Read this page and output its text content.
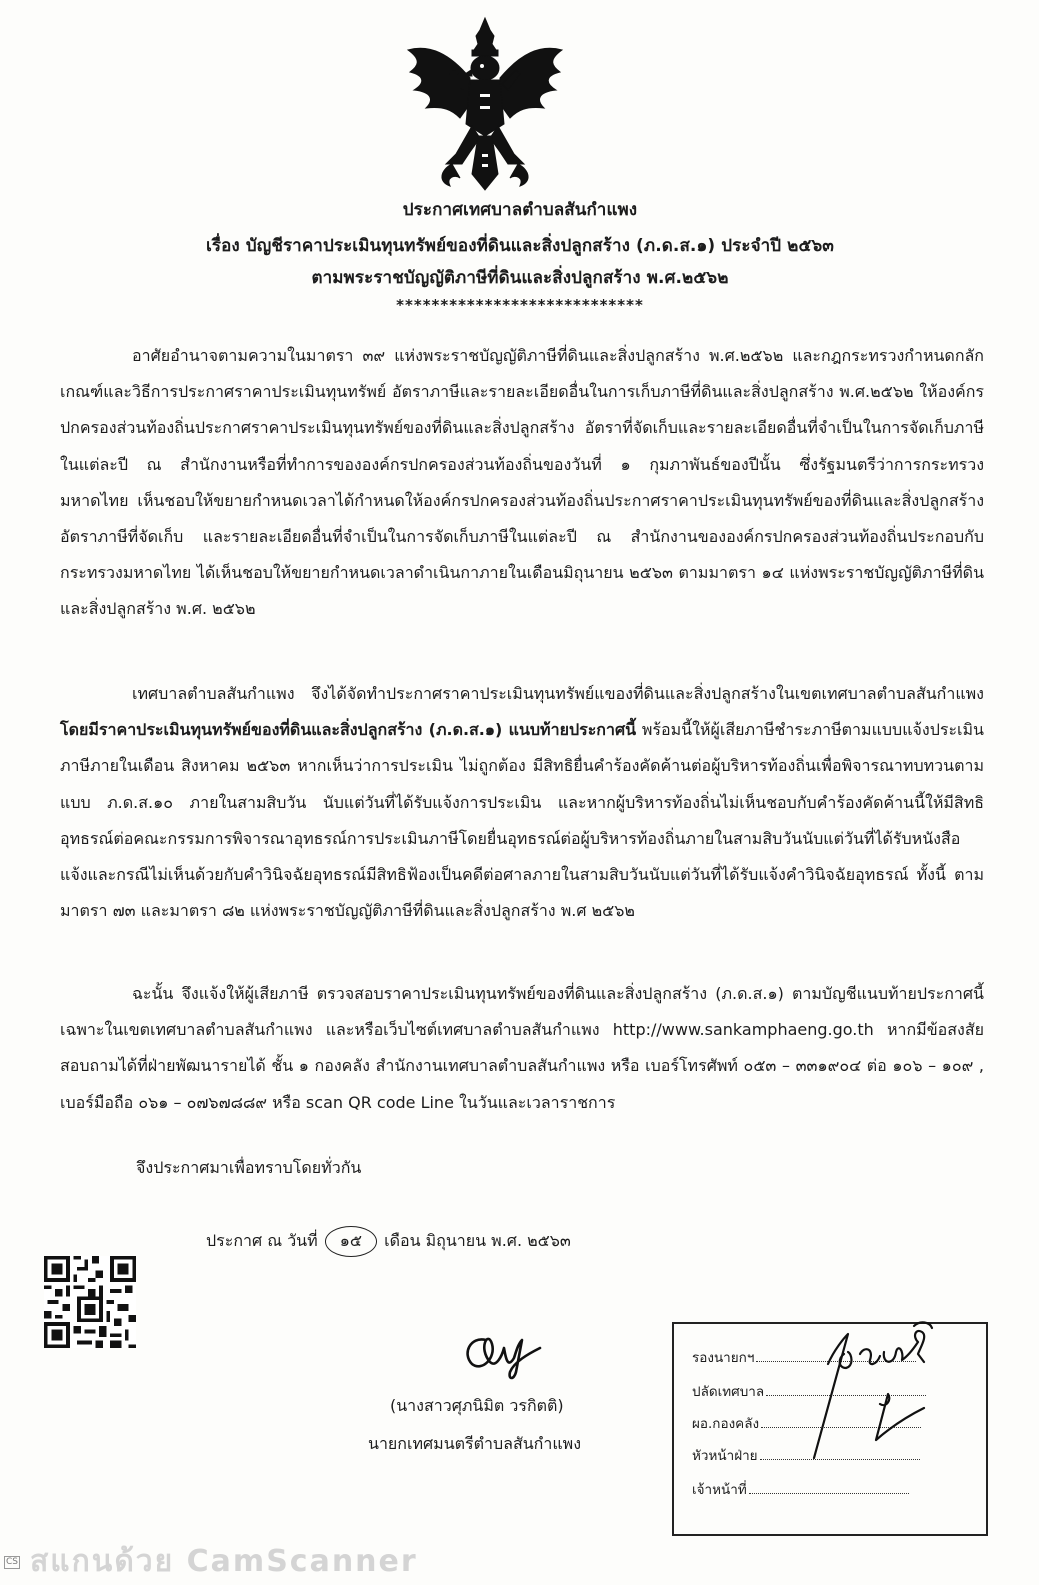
ประกาศเทศบาลตำบลสันกำแพง
เรื่อง บัญชีราคาประเมินทุนทรัพย์ของที่ดินและสิ่งปลูกสร้าง (ภ.ด.ส.๑) ประจำปี ๒๕๖๓
ตามพระราชบัญญัติภาษีที่ดินและสิ่งปลูกสร้าง พ.ศ.๒๕๖๒
****************************
อาศัยอำนาจตามความในมาตรา ๓๙ แห่งพระราชบัญญัติภาษีที่ดินและสิ่งปลูกสร้าง พ.ศ.๒๕๖๒ และกฎกระทรวงกำหนดกลักเกณฑ์และวิธีการประกาศราคาประเมินทุนทรัพย์ อัตราภาษีและรายละเอียดอื่นในการเก็บภาษีที่ดินและสิ่งปลูกสร้าง พ.ศ.๒๕๖๒ ให้องค์กรปกครองส่วนท้องถิ่นประกาศราคาประเมินทุนทรัพย์ของที่ดินและสิ่งปลูกสร้าง อัตราที่จัดเก็บและรายละเอียดอื่นที่จำเป็นในการจัดเก็บภาษีในแต่ละปี ณ สำนักงานหรือที่ทำการขององค์กรปกครองส่วนท้องถิ่นของวันที่ ๑ กุมภาพันธ์ของปีนั้น ซึ่งรัฐมนตรีว่าการกระทรวงมหาดไทย เห็นชอบให้ขยายกำหนดเวลาได้กำหนดให้องค์กรปกครองส่วนท้องถิ่นประกาศราคาประเมินทุนทรัพย์ของที่ดินและสิ่งปลูกสร้าง อัตราภาษีที่จัดเก็บ และรายละเอียดอื่นที่จำเป็นในการจัดเก็บภาษีในแต่ละปี ณ สำนักงานขององค์กรปกครองส่วนท้องถิ่นประกอบกับกระทรวงมหาดไทย ได้เห็นชอบให้ขยายกำหนดเวลาดำเนินกาภายในเดือนมิถุนายน ๒๕๖๓ ตามมาตรา ๑๔ แห่งพระราชบัญญัติภาษีที่ดินและสิ่งปลูกสร้าง พ.ศ. ๒๕๖๒
เทศบาลตำบลสันกำแพง จึงได้จัดทำประกาศราคาประเมินทุนทรัพย์แของที่ดินและสิ่งปลูกสร้างในเขตเทศบาลตำบลสันกำแพง โดยมีราคาประเมินทุนทรัพย์ของที่ดินและสิ่งปลูกสร้าง (ภ.ด.ส.๑) แนบท้ายประกาศนี้ พร้อมนี้ให้ผู้เสียภาษีชำระภาษีตามแบบแจ้งประเมินภาษีภายในเดือน สิงหาคม ๒๕๖๓ หากเห็นว่าการประเมิน ไม่ถูกต้อง มีสิทธิยื่นคำร้องคัดค้านต่อผู้บริหารท้องถิ่นเพื่อพิจารณาทบทวนตามแบบ ภ.ด.ส.๑๐ ภายในสามสิบวัน นับแต่วันที่ได้รับแจ้งการประเมิน และหากผู้บริหารท้องถิ่นไม่เห็นชอบกับคำร้องคัดค้านนี้ให้มีสิทธิอุทธรณ์ต่อคณะกรรมการพิจารณาอุทธรณ์การประเมินภาษีโดยยื่นอุทธรณ์ต่อผู้บริหารท้องถิ่นภายในสามสิบวันนับแต่วันที่ได้รับหนังสือแจ้งและกรณีไม่เห็นด้วยกับคำวินิจฉัยอุทธรณ์มีสิทธิฟ้องเป็นคดีต่อศาลภายในสามสิบวันนับแต่วันที่ได้รับแจ้งคำวินิจฉัยอุทธรณ์ ทั้งนี้ ตามมาตรา ๗๓ และมาตรา ๘๒ แห่งพระราชบัญญัติภาษีที่ดินและสิ่งปลูกสร้าง พ.ศ ๒๕๖๒
ฉะนั้น จึงแจ้งให้ผู้เสียภาษี ตรวจสอบราคาประเมินทุนทรัพย์ของที่ดินและสิ่งปลูกสร้าง (ภ.ด.ส.๑) ตามบัญชีแนบท้ายประกาศนี้ เฉพาะในเขตเทศบาลตำบลสันกำแพง และหรือเว็บไซต์เทศบาลตำบลสันกำแพง http://www.sankamphaeng.go.th หากมีข้อสงสัยสอบถามได้ที่ฝ่ายพัฒนารายได้ ชั้น ๑ กองคลัง สำนักงานเทศบาลตำบลสันกำแพง หรือ เบอร์โทรศัพท์ ๐๕๓ – ๓๓๑๙๐๔ ต่อ ๑๐๖ – ๑๐๙ , เบอร์มือถือ ๐๖๑ – ๐๗๖๗๘๘๙ หรือ scan QR code Line ในวันและเวลาราชการ
จึงประกาศมาเพื่อทราบโดยทั่วกัน
ประกาศ ณ วันที่ ๑๕ เดือน มิถุนายน พ.ศ. ๒๕๖๓
(นางสาวศุภนิมิต วรกิตติ)
นายกเทศมนตรีตำบลสันกำแพง
รองนายกฯ
ปลัดเทศบาล
ผอ.กองคลัง
หัวหน้าฝ่าย
เจ้าหน้าที่
สแกนด้วย CamScanner
CS
